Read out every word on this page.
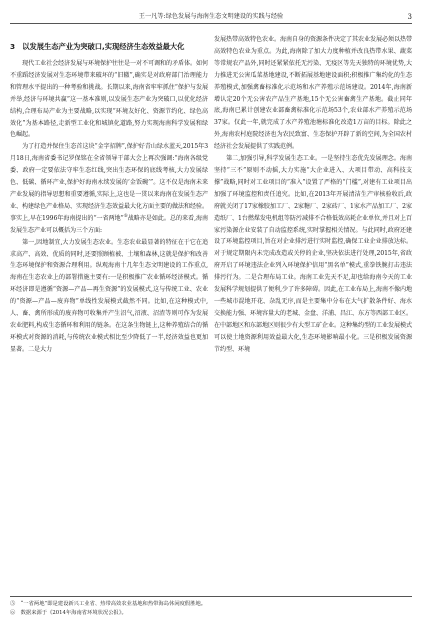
王一凡等:绿色发展与海南生态文明建设的实践与经验	3
3　以发展生态产业为突破口,实现经济生态效益最大化

现代工业社会经济发展与环境保护往往是一对不可调和的矛盾体。如何不重蹈经济发展对生态环境带来破坏的“旧辙”,确实是对政府部门治理能力和管理水平提出的一种考验和挑战。长期以来,海南省牢牢抓住“保护与发展并举,经济与环境共赢”这一基本准则,以发展生态产业为突破口,以优化经济结构,合理布局产业为主要战略,以实现“环境友好化、资源节约化、绿色高效化”为基本路径,走新型工业化和城镇化道路,努力实现海南科学发展和绿色崛起。

为了打造并保住生态首这块“金字招牌”,保护好青山绿水蓝天,2015年3月18日,海南省委书记罗保铭在全省领导干部大会上再次强调:“海南各级党委、政府一定要依法守牢生态红线,突出生态环保的底线考核,大力发展绿色、低碳、循环产业,保护好海南永续发展的‘金饭碗’”。这不仅是海南未来产业发展的指导思想和重要遵循,实际上,这也是一贯以来海南在发展生态产业、构建绿色产业格局、实现经济生态效益最大化方面主要的做法和经验。事实上,早在1996年海南提出的“一省两地”⑤战略亦是如此。总的来看,海南发展生态产业可以概括为三个方面:

第一,因地制宜,大力发展生态农业。生态农业最显著的特征在于它在追求高产、高效、优质的同时,还要照顾植被、土壤和森林,这就是保护和改善生态环境保护和资源合理利用。纵观海南十几年生态文明建设的工作重点,海南在生态农业上的部署措施主要有:一是积极推广农业循环经济模式。循环经济即是遵循“资源—产品—再生资源”的发展模式,这与传统工业、农业的“资源—产品—废弃物”单线性发展模式截然不同。比如,在这种模式中,人、畜、禽所形成的废弃物可收集并产生沼气,沼液、沼渣等则可作为发展农业肥料,构成生态循环和利用的链条。在这条生物链上,这种养殖结合的循环模式对资源的消耗,与传统农业模式相比至少降低了一半,经济效益也更加显著。二是大力

发展热带高效特色农业。海南自身的资源条件决定了其农业发展必须以热带高效特色农业为重点。为此,海南除了加大力度种植并改良热带水果、蔬菜等常规农产品外,同时还紧紧依托无污染、无疫区等先天独特的环境优势,大力推进无公害瓜菜基地建设,不断拓展基地建设面积;积极推广集约化的生态养殖模式,加强禽畜标准化示范场和水产养殖示范场建设。2014年,海南新增认定20个无公害农产品生产基地,15个无公害畜禽生产基地。截止同年底,海南已累计创建农业部畜禽标准化示范场53个,农业部水产养殖示范场37家。仅此一年,就完成了水产养殖池塘标准化改造1万亩的目标。除此之外,海南农村庭院经济也为农民致富、生态保护开辟了新的空间,为全国农村经济社会发展提供了实践范例。

第二,加强引导,科学发展生态工业。一是坚持生态优先发展理念。海南坚持“三不”原则不动摇,大力实施“大企业进入、大项目带动、高科技支撑”战略,同时对工业项目的“准入”设置了严格的“门槛”,对建有工业项目出加强了环境监控和责任追究。比如,在2013年开展清洁生产审核验收后,政府就关闭了17家橡胶加工厂、2家糖厂、2家砖厂、1家水产品加工厂、2家造纸厂、1台燃煤发电机组等防污减排不合格低效高耗企业单位,并且对上百家污染源企业安装了自动监控系统,实时掌握相关情况。与此同时,政府还建设了环境监控项目,旨在对企业排污进行实时监控,确保工业企业排放达标。对于规定期限内未完成改造或关停的企业,坚决依法进行处理,2015年,省政府开启了环境违法企业列入环境保护信用“黑名单”模式,重拳铁腕打击违法排污行为。二是合理布局工业。海南工业先天不足,却也给海南今天的工业发展科学规划提供了便利,少了许多障碍。因此,在工业布局上,海南不像内地一些城市混地开花、杂乱无序,而是主要集中分布在大气扩散条件好、海水交换能力强、环境容量大的老城、金盘、洋浦、昌江、东方等西部工业区。在中部地区和东部地区则很少有大型工矿企业。这种集约型的工业发展模式可以使土地资源利用效益最大化,生态环境影响最小化。三是积极发展资源节约型、环境

⑤　“一省两地”即是建设新兴工业省、热带高效农业基地和热带海岛休闲度假胜地。
⑥　数据来源于《2014年海南省环境状况公报》。
